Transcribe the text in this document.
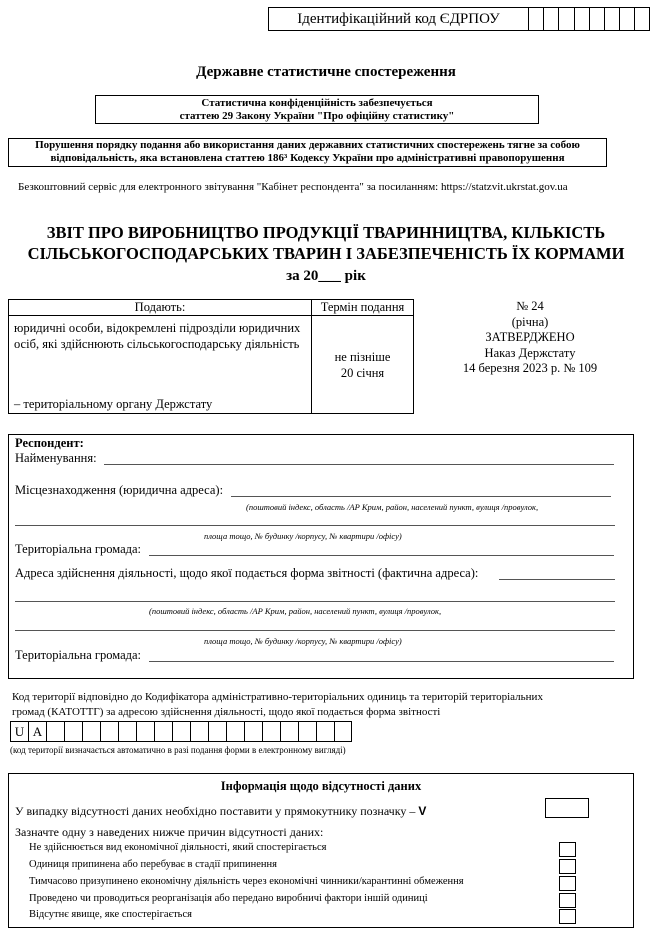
Ідентифікаційний код ЄДРПОУ
Державне статистичне спостереження
Статистична конфіденційність забезпечується
статтею 29 Закону України "Про офіційну статистику"
Порушення порядку подання або використання даних державних статистичних спостережень тягне за собою
відповідальність, яка встановлена статтею 186³ Кодексу України про адміністративні правопорушення
Безкоштовний сервіс для електронного звітування "Кабінет респондента" за посиланням: https://statzvit.ukrstat.gov.ua
ЗВІТ ПРО ВИРОБНИЦТВО ПРОДУКЦІЇ ТВАРИННИЦТВА, КІЛЬКІСТЬ
СІЛЬСЬКОГОСПОДАРСЬКИХ ТВАРИН І ЗАБЕЗПЕЧЕНІСТЬ ЇХ КОРМАМИ
за 20___ рік
Подають:	Термін подання
юридичні особи, відокремлені підрозділи юридичних осіб, які здійснюють сільськогосподарську діяльність
– територіальному органу Держстату
не пізніше
20 січня
№ 24
(річна)
ЗАТВЕРДЖЕНО
Наказ Держстату
14 березня 2023 р. № 109
Респондент:
Найменування:
Місцезнаходження (юридична адреса):
(поштовий індекс, область /АР Крим, район, населений пункт, вулиця /провулок,
площа тощо, № будинку /корпусу, № квартири /офісу)
Територіальна громада:
Адреса здійснення діяльності, щодо якої подається форма звітності (фактична адреса):
(поштовий індекс, область /АР Крим, район, населений пункт, вулиця /провулок,
площа тощо, № будинку /корпусу, № квартири /офісу)
Територіальна громада:
Код території відповідно до Кодифікатора адміністративно-територіальних одиниць та територій територіальних
громад (КАТОТТГ) за адресою здійснення діяльності, щодо якої подається форма звітності
U A
(код території визначається автоматично в разі подання форми в електронному вигляді)
Інформація щодо відсутності даних
У випадку відсутності даних необхідно поставити у прямокутнику позначку – V
Зазначте одну з наведених нижче причин відсутності даних:
Не здійснюється вид економічної діяльності, який спостерігається
Одиниця припинена або перебуває в стадії припинення
Тимчасово призупинено економічну діяльність через економічні чинники/карантинні обмеження
Проведено чи проводиться реорганізація або передано виробничі фактори іншій одиниці
Відсутнє явище, яке спостерігається
